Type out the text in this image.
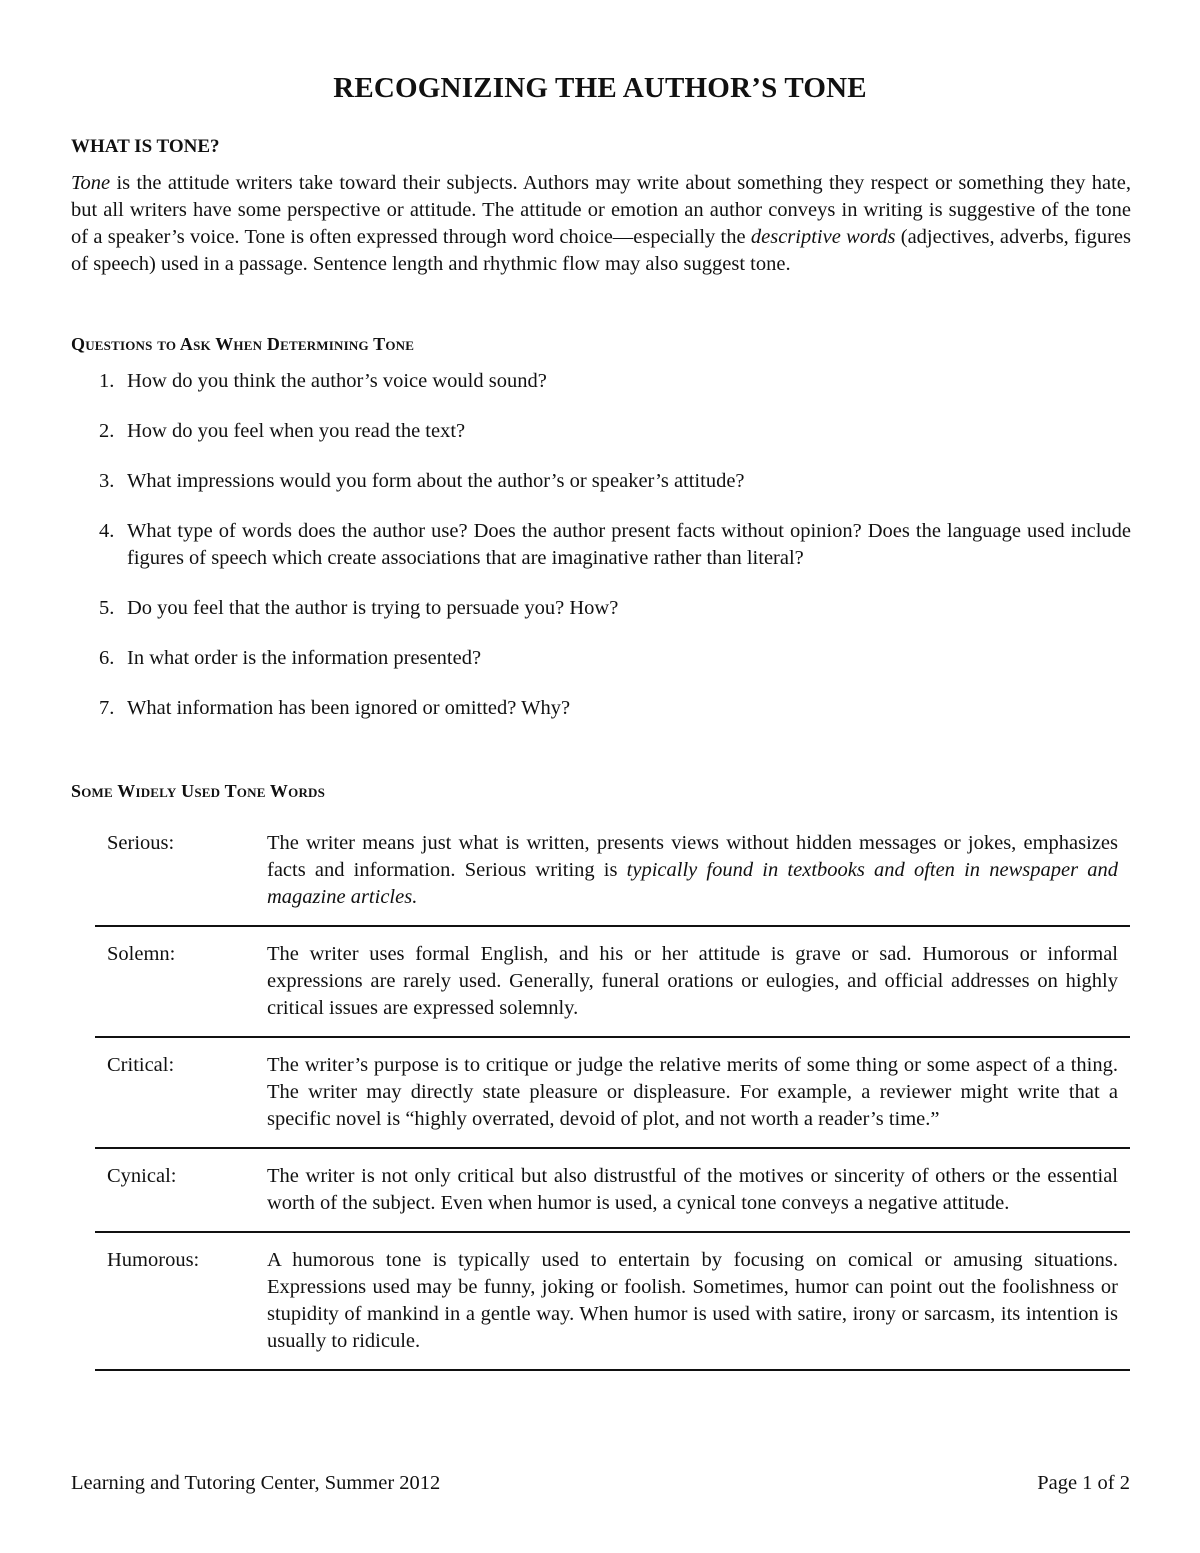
RECOGNIZING THE AUTHOR’S TONE
WHAT IS TONE?

Tone is the attitude writers take toward their subjects. Authors may write about something they respect or something they hate, but all writers have some perspective or attitude. The attitude or emotion an author conveys in writing is suggestive of the tone of a speaker’s voice. Tone is often expressed through word choice—especially the descriptive words (adjectives, adverbs, figures of speech) used in a passage. Sentence length and rhythmic flow may also suggest tone.

Questions to Ask When Determining Tone
1. How do you think the author’s voice would sound?
2. How do you feel when you read the text?
3. What impressions would you form about the author’s or speaker’s attitude?
4. What type of words does the author use? Does the author present facts without opinion? Does the language used include figures of speech which create associations that are imaginative rather than literal?
5. Do you feel that the author is trying to persuade you? How?
6. In what order is the information presented?
7. What information has been ignored or omitted? Why?
Some Widely Used Tone Words
Serious:	The writer means just what is written, presents views without hidden messages or jokes, emphasizes facts and information. Serious writing is typically found in textbooks and often in newspaper and magazine articles.
Solemn:	The writer uses formal English, and his or her attitude is grave or sad. Humorous or informal expressions are rarely used. Generally, funeral orations or eulogies, and official addresses on highly critical issues are expressed solemnly.
Critical:	The writer’s purpose is to critique or judge the relative merits of some thing or some aspect of a thing. The writer may directly state pleasure or displeasure. For example, a reviewer might write that a specific novel is “highly overrated, devoid of plot, and not worth a reader’s time.”
Cynical:	The writer is not only critical but also distrustful of the motives or sincerity of others or the essential worth of the subject. Even when humor is used, a cynical tone conveys a negative attitude.
Humorous:	A humorous tone is typically used to entertain by focusing on comical or amusing situations. Expressions used may be funny, joking or foolish. Sometimes, humor can point out the foolishness or stupidity of mankind in a gentle way. When humor is used with satire, irony or sarcasm, its intention is usually to ridicule.
Learning and Tutoring Center, Summer 2012	Page 1 of 2
